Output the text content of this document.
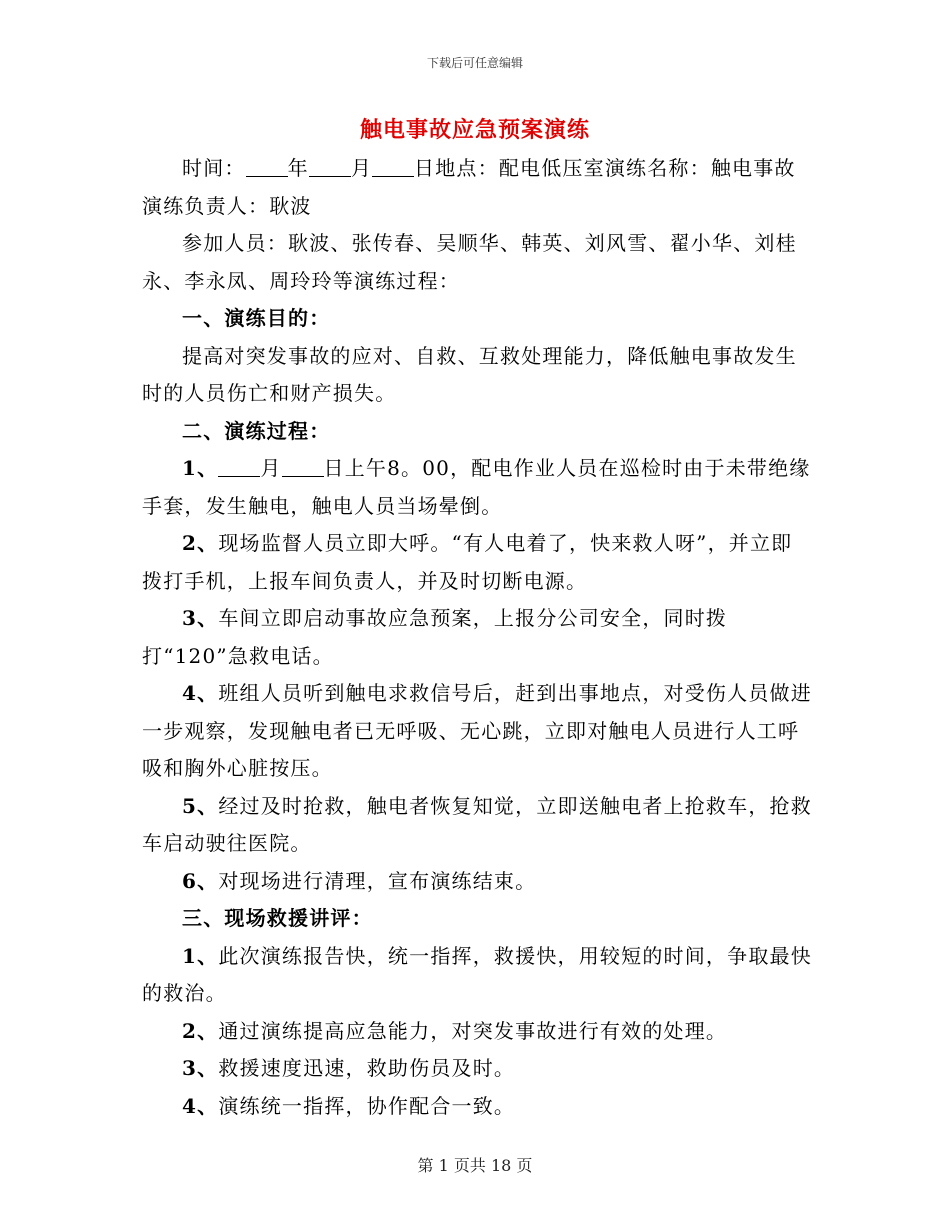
下载后可任意编辑
触电事故应急预案演练

时间： 年 月 日地点：配电低压室演练名称：触电事故演练负责人：耿波

参加人员：耿波、张传春、吴顺华、韩英、刘风雪、翟小华、刘桂永、李永凤、周玲玲等演练过程：

一、演练目的：

提高对突发事故的应对、自救、互救处理能力，降低触电事故发生时的人员伤亡和财产损失。

二、演练过程：

1、 月 日上午8。00，配电作业人员在巡检时由于未带绝缘手套，发生触电，触电人员当场晕倒。

2、现场监督人员立即大呼。“有人电着了，快来救人呀”，并立即拨打手机，上报车间负责人，并及时切断电源。

3、车间立即启动事故应急预案，上报分公司安全，同时拨打“120”急救电话。

4、班组人员听到触电求救信号后，赶到出事地点，对受伤人员做进一步观察，发现触电者已无呼吸、无心跳，立即对触电人员进行人工呼吸和胸外心脏按压。

5、经过及时抢救，触电者恢复知觉，立即送触电者上抢救车，抢救车启动驶往医院。

6、对现场进行清理，宣布演练结束。

三、现场救援讲评：

1、此次演练报告快，统一指挥，救援快，用较短的时间，争取最快的救治。

2、通过演练提高应急能力，对突发事故进行有效的处理。

3、救援速度迅速，救助伤员及时。

4、演练统一指挥，协作配合一致。

第 1 页共 18 页
